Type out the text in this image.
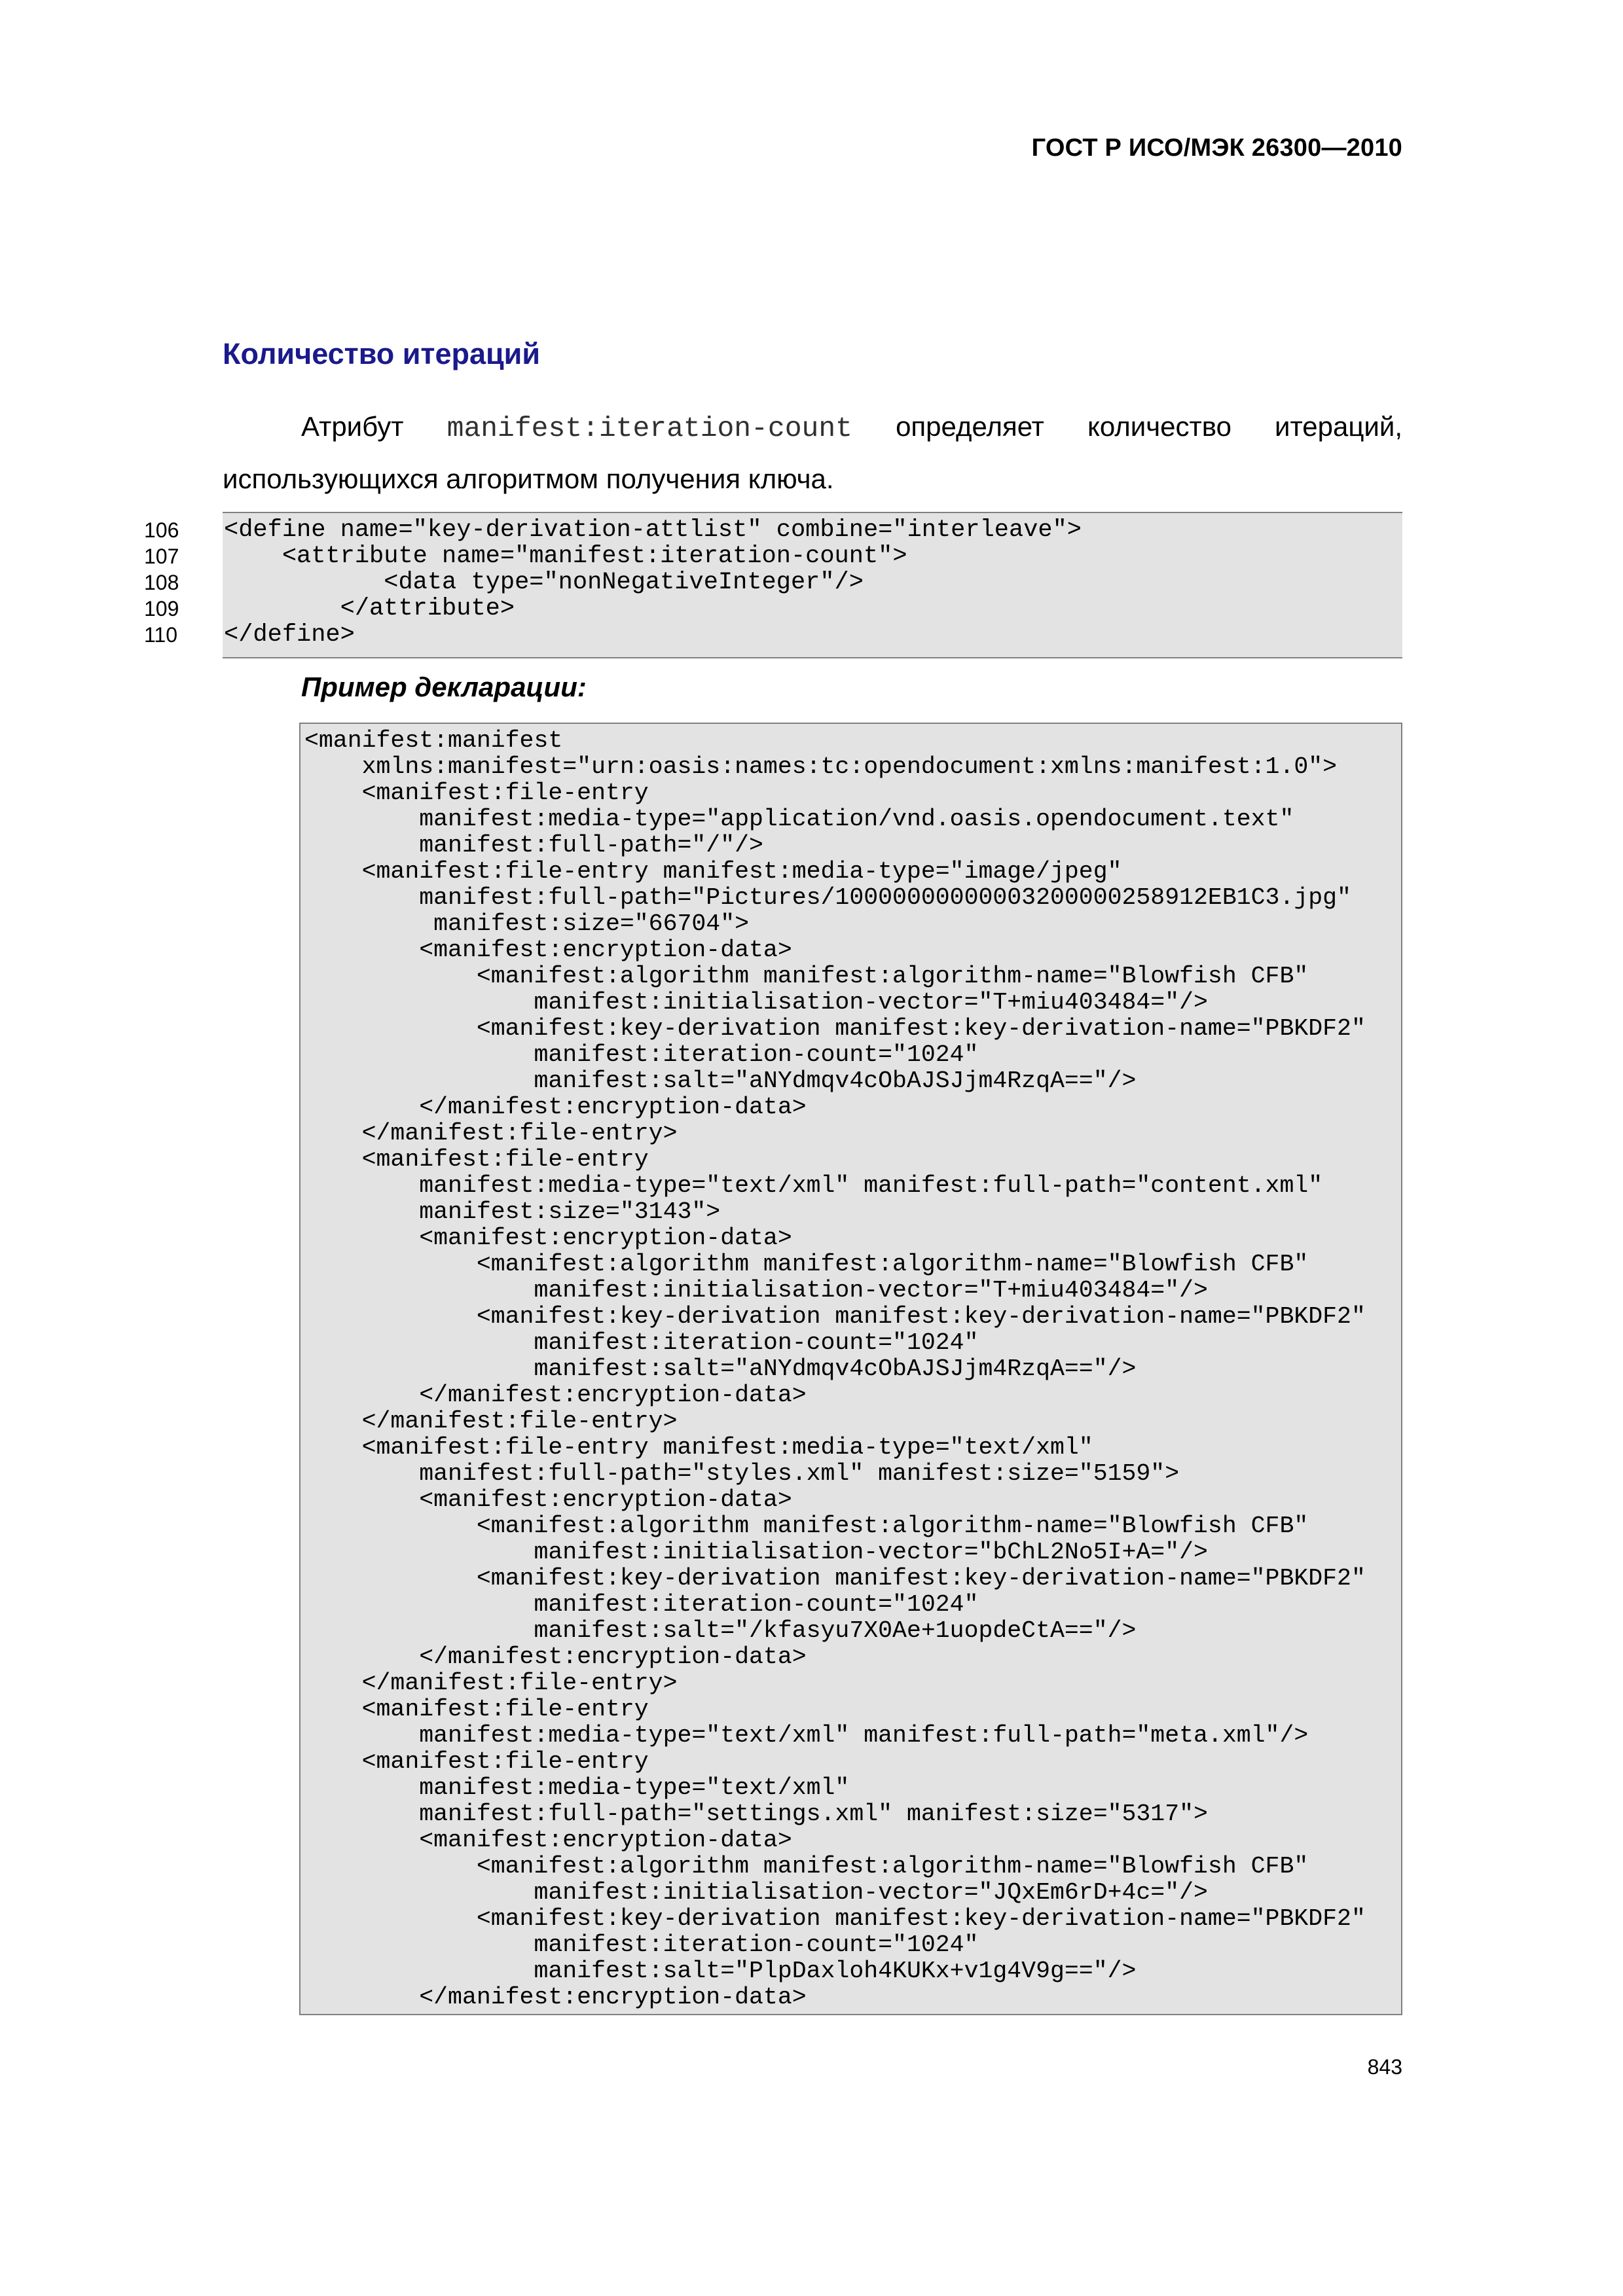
ГОСТ Р ИСО/МЭК 26300—2010
Количество итераций
Атрибут manifest:iteration-count определяет количество итераций,
использующихся алгоритмом получения ключа.
106
107
108
109
110
<define name="key-derivation-attlist" combine="interleave">
<attribute name="manifest:iteration-count">
<data type="nonNegativeInteger"/>
</attribute>
</define>
Пример декларации:
<manifest:manifest
xmlns:manifest="urn:oasis:names:tc:opendocument:xmlns:manifest:1.0">
<manifest:file-entry
manifest:media-type="application/vnd.oasis.opendocument.text"
manifest:full-path="/"/>
<manifest:file-entry manifest:media-type="image/jpeg"
manifest:full-path="Pictures/10000000000003200000258912EB1C3.jpg"
manifest:size="66704">
<manifest:encryption-data>
<manifest:algorithm manifest:algorithm-name="Blowfish CFB"
manifest:initialisation-vector="T+miu403484="/>
<manifest:key-derivation manifest:key-derivation-name="PBKDF2"
manifest:iteration-count="1024"
manifest:salt="aNYdmqv4cObAJSJjm4RzqA=="/>
</manifest:encryption-data>
</manifest:file-entry>
<manifest:file-entry
manifest:media-type="text/xml" manifest:full-path="content.xml"
manifest:size="3143">
<manifest:encryption-data>
<manifest:algorithm manifest:algorithm-name="Blowfish CFB"
manifest:initialisation-vector="T+miu403484="/>
<manifest:key-derivation manifest:key-derivation-name="PBKDF2"
manifest:iteration-count="1024"
manifest:salt="aNYdmqv4cObAJSJjm4RzqA=="/>
</manifest:encryption-data>
</manifest:file-entry>
<manifest:file-entry manifest:media-type="text/xml"
manifest:full-path="styles.xml" manifest:size="5159">
<manifest:encryption-data>
<manifest:algorithm manifest:algorithm-name="Blowfish CFB"
manifest:initialisation-vector="bChL2No5I+A="/>
<manifest:key-derivation manifest:key-derivation-name="PBKDF2"
manifest:iteration-count="1024"
manifest:salt="/kfasyu7X0Ae+1uopdeCtA=="/>
</manifest:encryption-data>
</manifest:file-entry>
<manifest:file-entry
manifest:media-type="text/xml" manifest:full-path="meta.xml"/>
<manifest:file-entry
manifest:media-type="text/xml"
manifest:full-path="settings.xml" manifest:size="5317">
<manifest:encryption-data>
<manifest:algorithm manifest:algorithm-name="Blowfish CFB"
manifest:initialisation-vector="JQxEm6rD+4c="/>
<manifest:key-derivation manifest:key-derivation-name="PBKDF2"
manifest:iteration-count="1024"
manifest:salt="PlpDaxloh4KUKx+v1g4V9g=="/>
</manifest:encryption-data>
843
